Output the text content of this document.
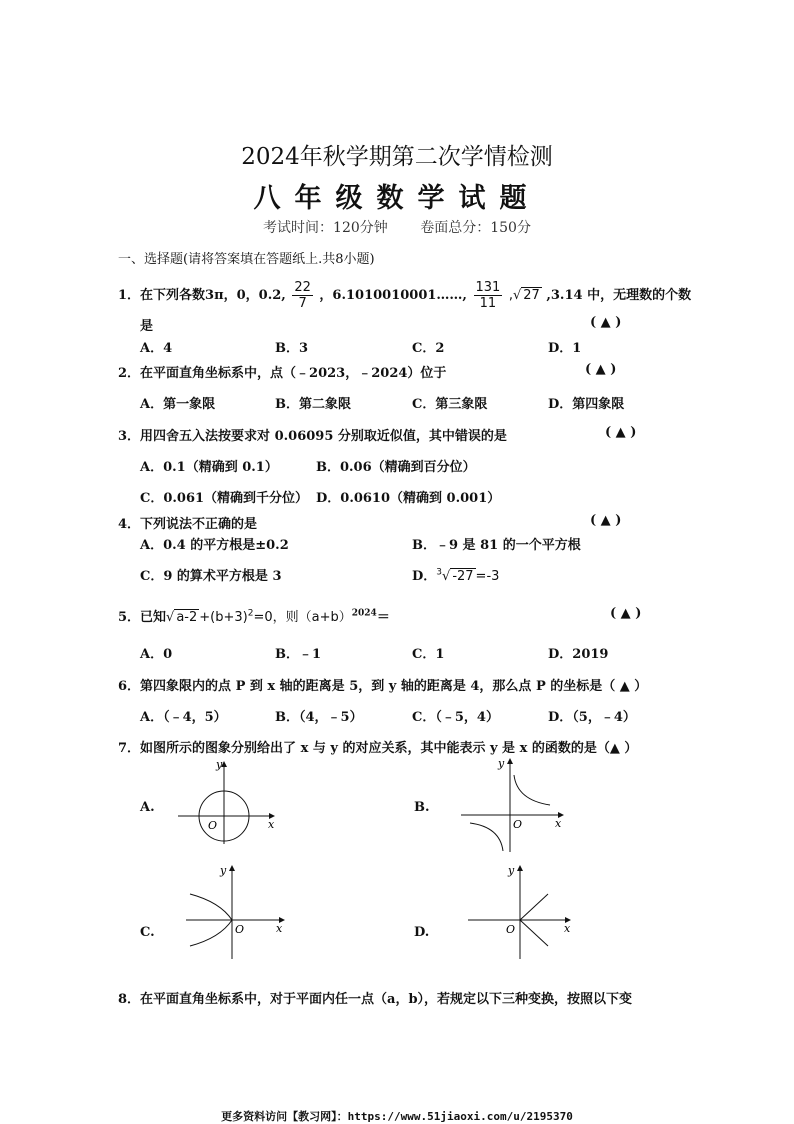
2024年秋学期第二次学情检测
八年级数学试题
考试时间：120分钟 卷面总分：150分
一、选择题(请将答案填在答题纸上.共8小题)
1．在下列各数3π，0，0.2, $\frac{22}{7}$ ，6.1010010001……, $\frac{131}{11}$ ,√ 27 ,3.14 中，无理数的个数
是	( ▲ )
A．4	B．3	C．2	D．1
2．在平面直角坐标系中，点（﹣2023，﹣2024）位于	( ▲ )
A．第一象限	B．第二象限	C．第三象限	D．第四象限
3．用四舍五入法按要求对 0.06095 分别取近似值，其中错误的是	( ▲ )
A．0.1（精确到 0.1）	B．0.06（精确到百分位）
C．0.061（精确到千分位） D．0.0610（精确到 0.001）
4．下列说法不正确的是	( ▲ )
A．0.4 的平方根是±0.2	B．﹣9 是 81 的一个平方根
C．9 的算术平方根是 3	D．$^3$√ -27 =-3
5．已知√ $a-2 +(b+3)^2=0$，则$(a+b)^{2024}=$	( ▲ )
A．0	B．﹣1	C．1	D．2019
6．第四象限内的点 P 到 x 轴的距离是 5，到 y 轴的距离是 4，那么点 P 的坐标是（ ▲ ）
A．（﹣4，5）	B．（4，﹣5）	C．（﹣5，4）	D．（5，﹣4）
7．如图所示的图象分别给出了 x 与 y 的对应关系，其中能表示 y 是 x 的函数的是（▲ ）
A.	B.
C.	D.
y
x
O
y
x
O
y
x
O
y
x
O
8．在平面直角坐标系中，对于平面内任一点（a，b），若规定以下三种变换，按照以下变
更多资料访问【教习网】：https://www.51jiaoxi.com/u/2195370
